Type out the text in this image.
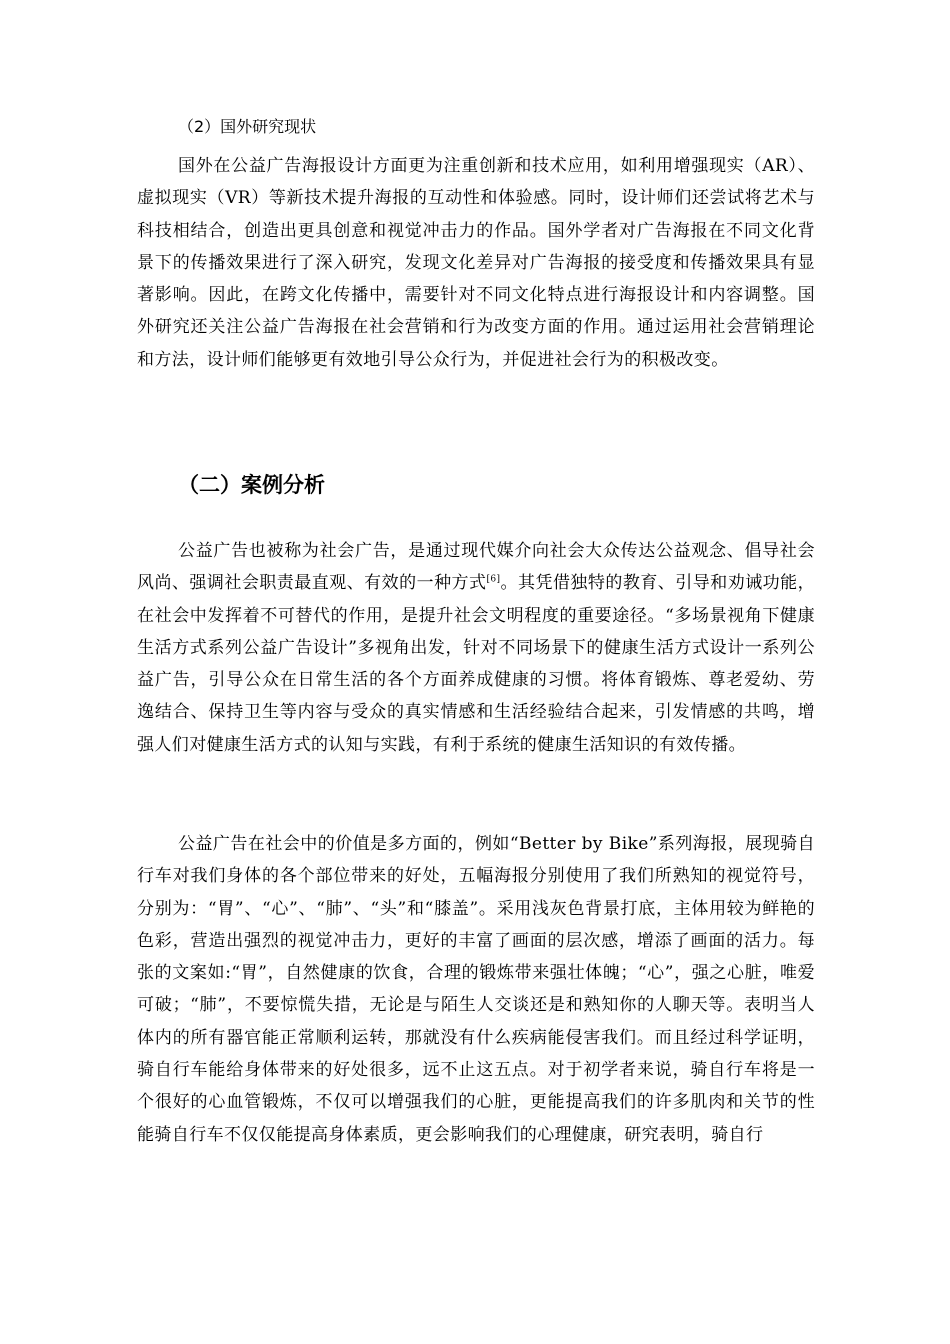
（2）国外研究现状

国外在公益广告海报设计方面更为注重创新和技术应用，如利用增强现实（AR）、虚拟现实（VR）等新技术提升海报的互动性和体验感。同时，设计师们还尝试将艺术与科技相结合，创造出更具创意和视觉冲击力的作品。国外学者对广告海报在不同文化背景下的传播效果进行了深入研究，发现文化差异对广告海报的接受度和传播效果具有显著影响。因此，在跨文化传播中，需要针对不同文化特点进行海报设计和内容调整。国外研究还关注公益广告海报在社会营销和行为改变方面的作用。通过运用社会营销理论和方法，设计师们能够更有效地引导公众行为，并促进社会行为的积极改变。

（二）案例分析

公益广告也被称为社会广告，是通过现代媒介向社会大众传达公益观念、倡导社会风尚、强调社会职责最直观、有效的一种方式[6]。其凭借独特的教育、引导和劝诫功能，在社会中发挥着不可替代的作用，是提升社会文明程度的重要途径。“多场景视角下健康生活方式系列公益广告设计”多视角出发，针对不同场景下的健康生活方式设计一系列公益广告，引导公众在日常生活的各个方面养成健康的习惯。将体育锻炼、尊老爱幼、劳逸结合、保持卫生等内容与受众的真实情感和生活经验结合起来，引发情感的共鸣，增强人们对健康生活方式的认知与实践，有利于系统的健康生活知识的有效传播。

公益广告在社会中的价值是多方面的，例如“Better by Bike”系列海报，展现骑自行车对我们身体的各个部位带来的好处，五幅海报分别使用了我们所熟知的视觉符号，分别为：“胃”、“心”、“肺”、“头”和“膝盖”。采用浅灰色背景打底，主体用较为鲜艳的色彩，营造出强烈的视觉冲击力，更好的丰富了画面的层次感，增添了画面的活力。每张的文案如:“胃”，自然健康的饮食，合理的锻炼带来强壮体魄；“心”，强之心脏，唯爱可破；“肺”，不要惊慌失措，无论是与陌生人交谈还是和熟知你的人聊天等。表明当人体内的所有器官能正常顺利运转，那就没有什么疾病能侵害我们。而且经过科学证明，骑自行车能给身体带来的好处很多，远不止这五点。对于初学者来说，骑自行车将是一个很好的心血管锻炼，不仅可以增强我们的心脏，更能提高我们的许多肌肉和关节的性能骑自行车不仅仅能提高身体素质，更会影响我们的心理健康，研究表明，骑自行
